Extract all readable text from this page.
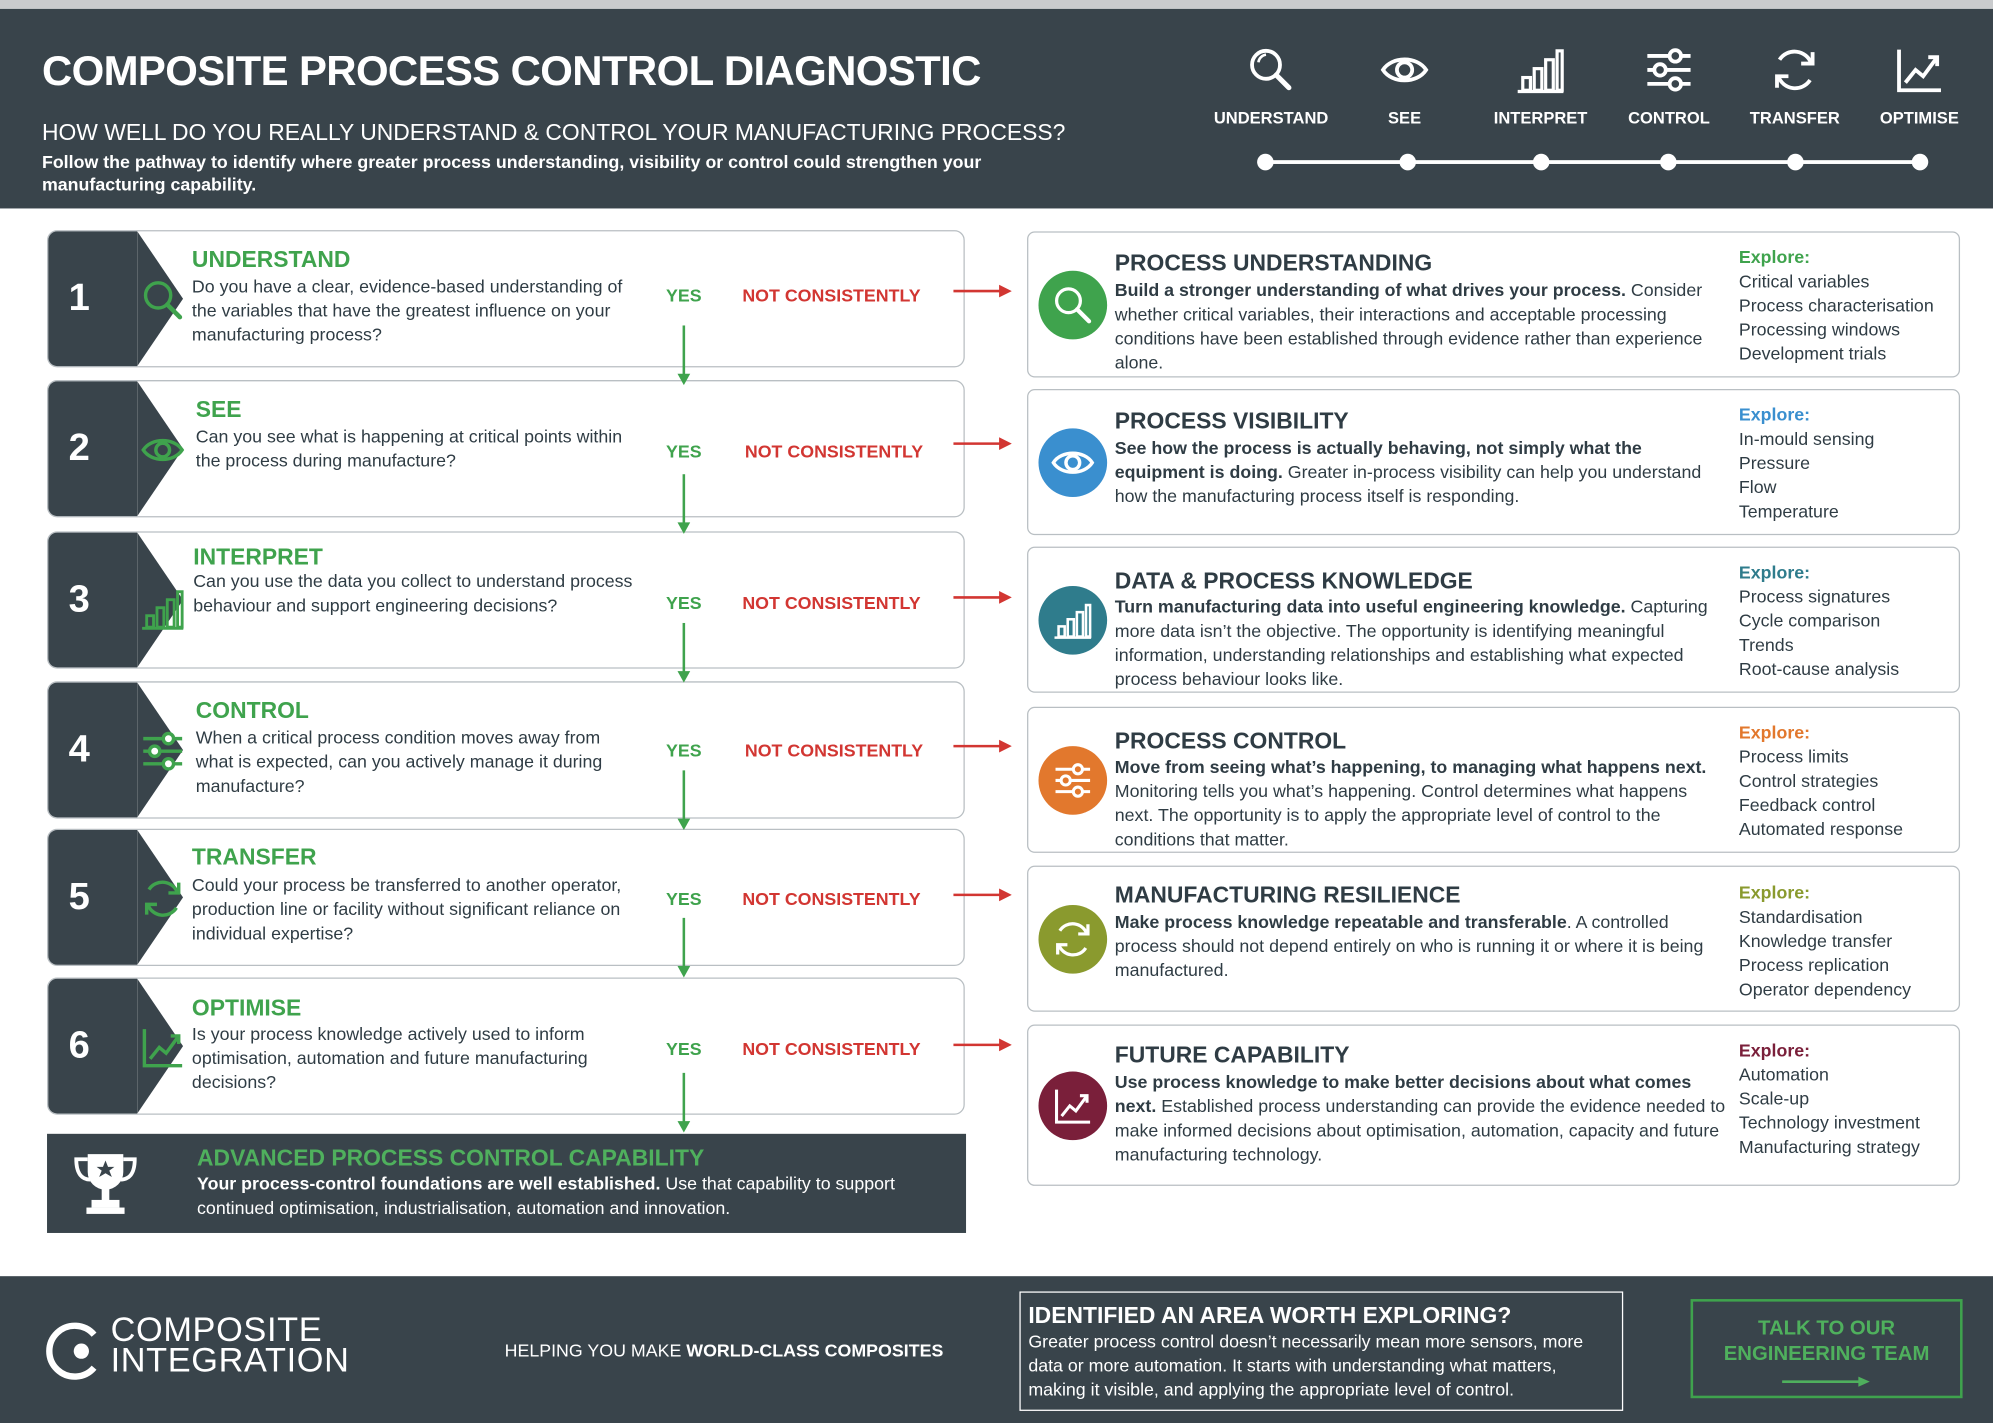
COMPOSITE PROCESS CONTROL DIAGNOSTIC
HOW WELL DO YOU REALLY UNDERSTAND & CONTROL YOUR MANUFACTURING PROCESS?
Follow the pathway to identify where greater process understanding, visibility or control could strengthen your manufacturing capability.
UNDERSTAND	SEE	INTERPRET	CONTROL	TRANSFER	OPTIMISE
1
UNDERSTAND
Do you have a clear, evidence-based understanding of the variables that have the greatest influence on your manufacturing process?
YES	NOT CONSISTENTLY
2
SEE
Can you see what is happening at critical points within the process during manufacture?	YES	NOT CONSISTENTLY
3
INTERPRET
Can you use the data you collect to understand process behaviour and support engineering decisions?	YES	NOT CONSISTENTLY
4
CONTROL
When a critical process condition moves away from what is expected, can you actively manage it during manufacture?
YES	NOT CONSISTENTLY
5
TRANSFER
Could your process be transferred to another operator, production line or facility without significant reliance on individual expertise?
YES	NOT CONSISTENTLY
6
OPTIMISE
Is your process knowledge actively used to inform optimisation, automation and future manufacturing decisions?
YES	NOT CONSISTENTLY
ADVANCED PROCESS CONTROL CAPABILITY
Your process-control foundations are well established. Use that capability to support continued optimisation, industrialisation, automation and innovation.
PROCESS UNDERSTANDING
Build a stronger understanding of what drives your process. Consider whether critical variables, their interactions and acceptable processing conditions have been established through evidence rather than experience alone.
Explore:
Critical variables
Process characterisation
Processing windows
Development trials
PROCESS VISIBILITY
See how the process is actually behaving, not simply what the equipment is doing. Greater in-process visibility can help you understand how the manufacturing process itself is responding.
Explore:
In-mould sensing
Pressure
Flow
Temperature
DATA & PROCESS KNOWLEDGE
Turn manufacturing data into useful engineering knowledge. Capturing more data isn’t the objective. The opportunity is identifying meaningful information, understanding relationships and establishing what expected process behaviour looks like.
Explore:
Process signatures
Cycle comparison
Trends
Root-cause analysis
PROCESS CONTROL
Move from seeing what’s happening, to managing what happens next. Monitoring tells you what’s happening. Control determines what happens next. The opportunity is to apply the appropriate level of control to the conditions that matter.
Explore:
Process limits
Control strategies
Feedback control
Automated response
MANUFACTURING RESILIENCE
Make process knowledge repeatable and transferable. A controlled process should not depend entirely on who is running it or where it is being manufactured.
Explore:
Standardisation
Knowledge transfer
Process replication
Operator dependency
FUTURE CAPABILITY
Use process knowledge to make better decisions about what comes next. Established process understanding can provide the evidence needed to make informed decisions about optimisation, automation, capacity and future manufacturing technology.
Explore:
Automation
Scale-up
Technology investment
Manufacturing strategy
COMPOSITE
INTEGRATION	HELPING YOU MAKE WORLD-CLASS COMPOSITES
IDENTIFIED AN AREA WORTH EXPLORING?
Greater process control doesn’t necessarily mean more sensors, more data or more automation. It starts with understanding what matters, making it visible, and applying the appropriate level of control.
TALK TO OUR ENGINEERING TEAM
